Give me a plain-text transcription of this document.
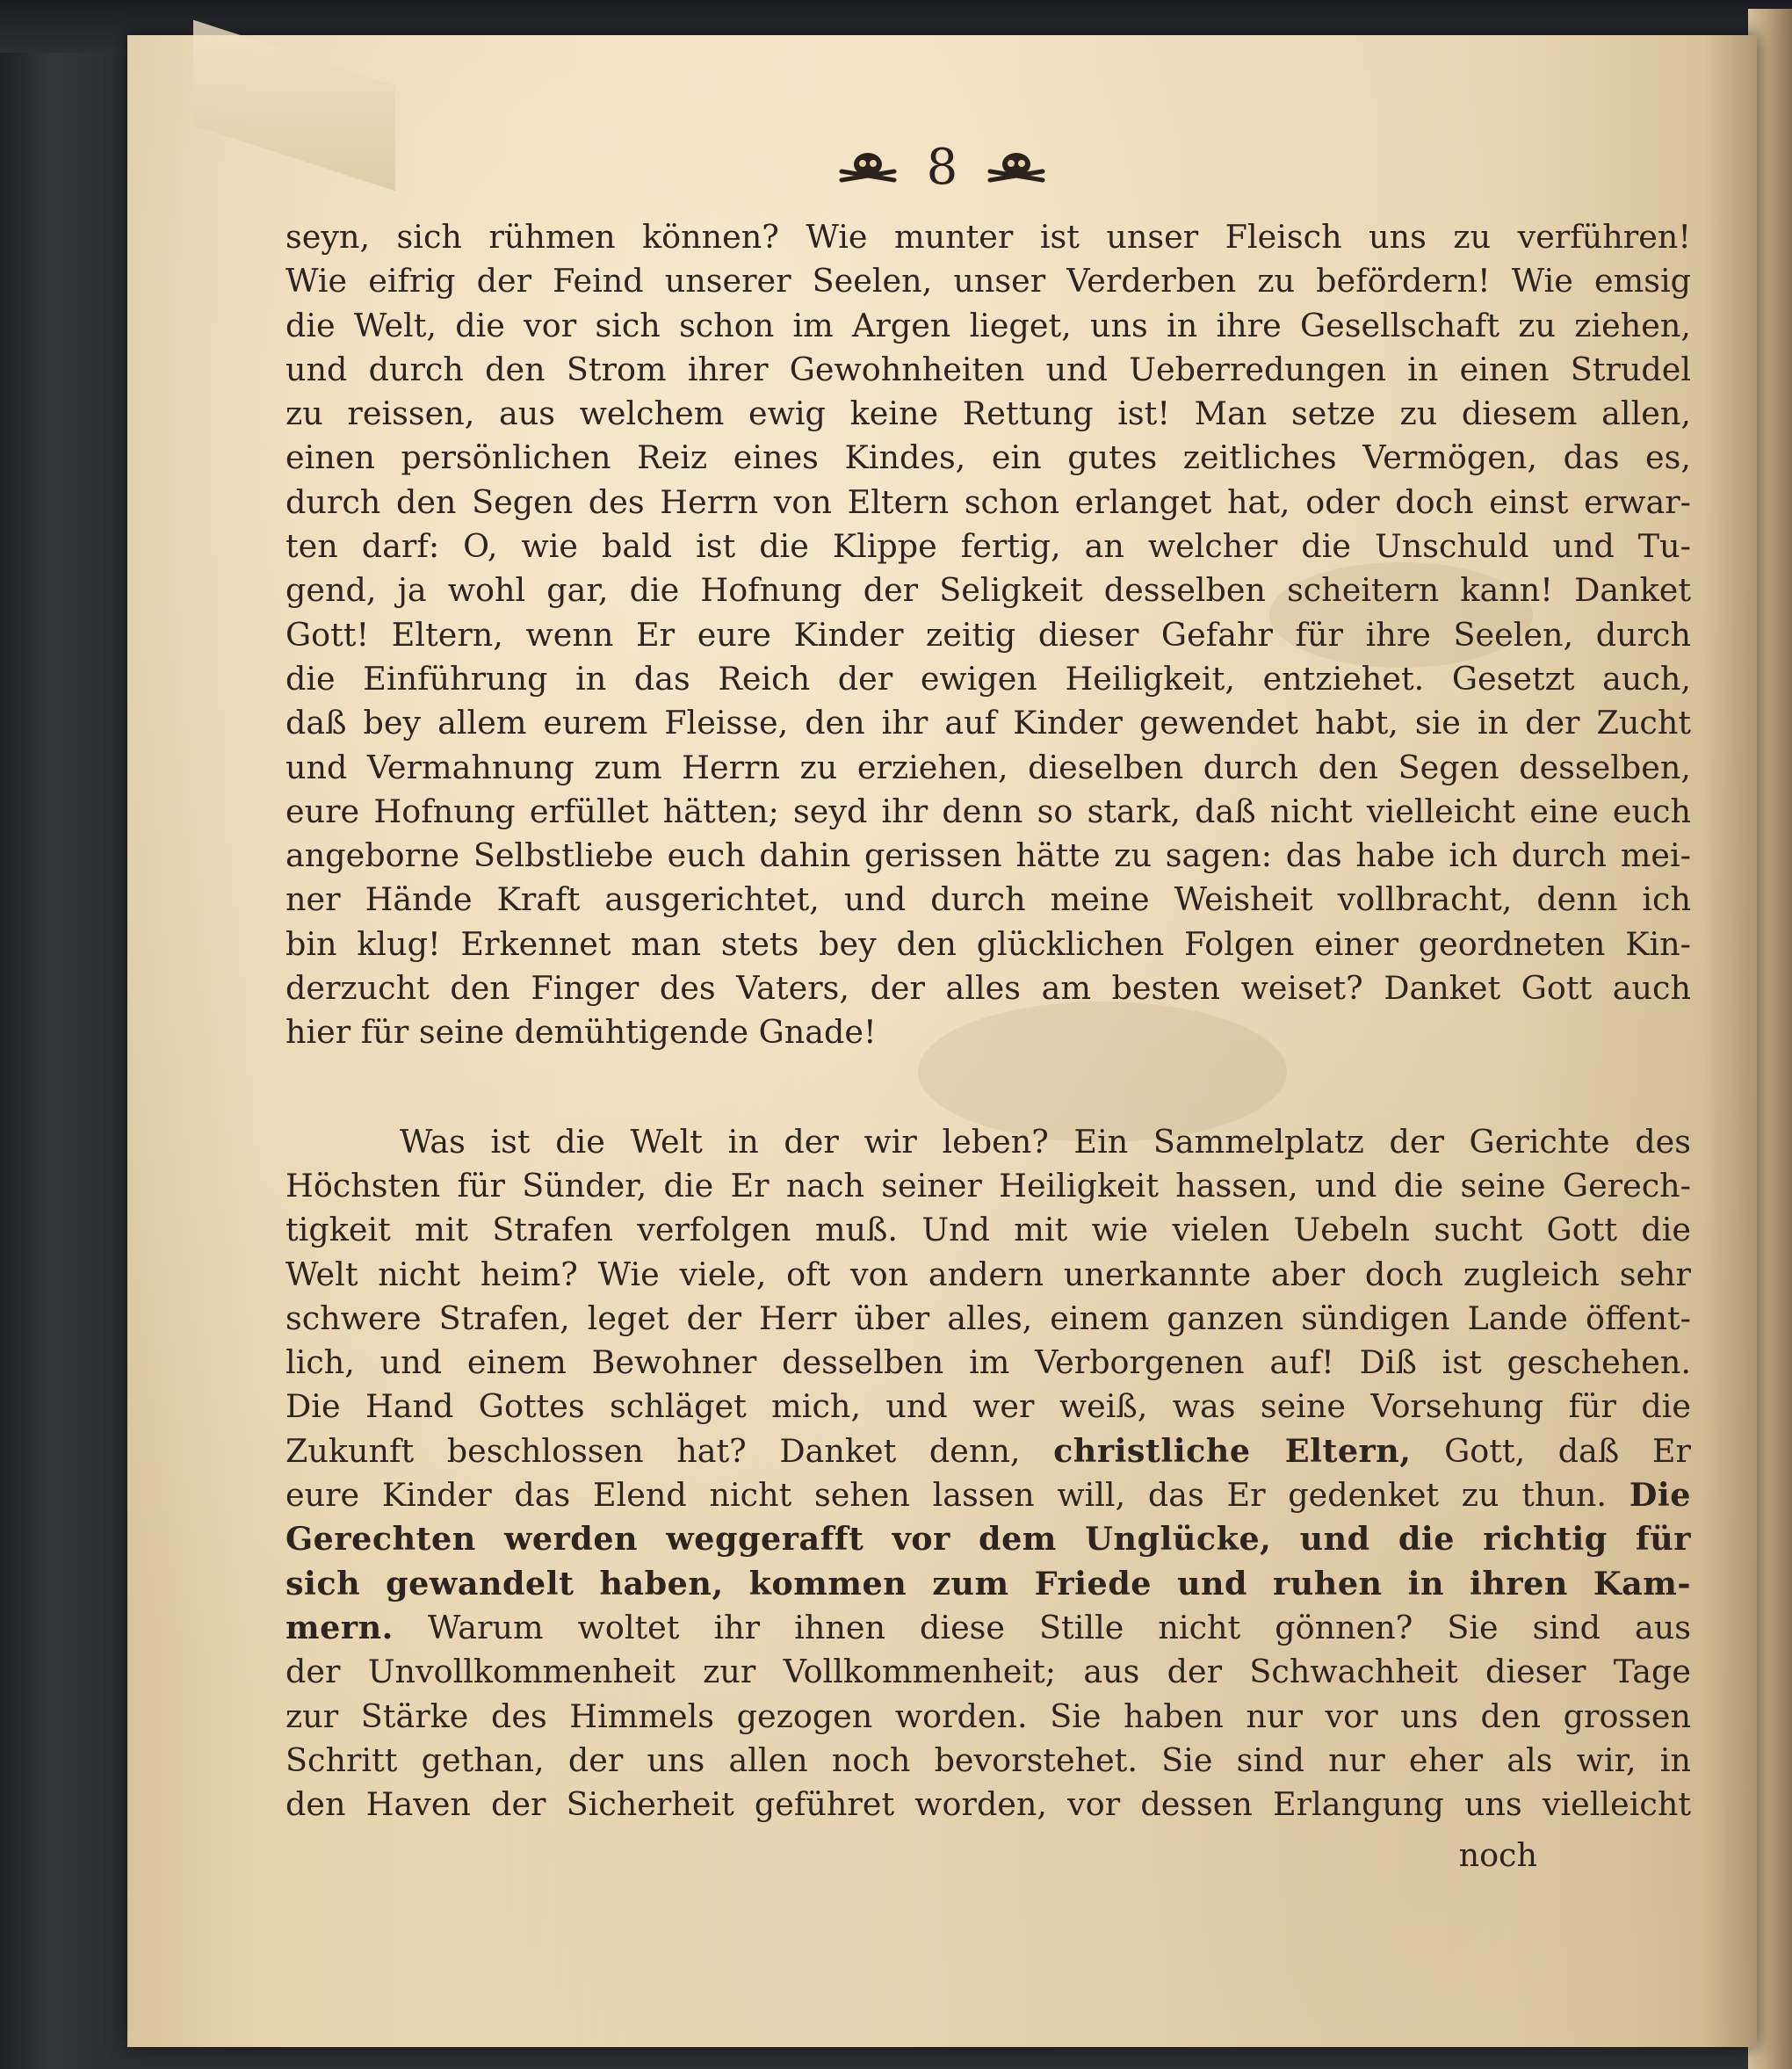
8
seyn, sich rühmen können? Wie munter ist unser Fleisch uns zu verführen!
Wie eifrig der Feind unserer Seelen, unser Verderben zu befördern! Wie emsig
die Welt, die vor sich schon im Argen lieget, uns in ihre Gesellschaft zu ziehen,
und durch den Strom ihrer Gewohnheiten und Ueberredungen in einen Strudel
zu reissen, aus welchem ewig keine Rettung ist! Man setze zu diesem allen,
einen persönlichen Reiz eines Kindes, ein gutes zeitliches Vermögen, das es,
durch den Segen des Herrn von Eltern schon erlanget hat, oder doch einst erwar-
ten darf: O, wie bald ist die Klippe fertig, an welcher die Unschuld und Tu-
gend, ja wohl gar, die Hofnung der Seligkeit desselben scheitern kann! Danket
Gott! Eltern, wenn Er eure Kinder zeitig dieser Gefahr für ihre Seelen, durch
die Einführung in das Reich der ewigen Heiligkeit, entziehet. Gesetzt auch,
daß bey allem eurem Fleisse, den ihr auf Kinder gewendet habt, sie in der Zucht
und Vermahnung zum Herrn zu erziehen, dieselben durch den Segen desselben,
eure Hofnung erfüllet hätten; seyd ihr denn so stark, daß nicht vielleicht eine euch
angeborne Selbstliebe euch dahin gerissen hätte zu sagen: das habe ich durch mei-
ner Hände Kraft ausgerichtet, und durch meine Weisheit vollbracht, denn ich
bin klug! Erkennet man stets bey den glücklichen Folgen einer geordneten Kin-
derzucht den Finger des Vaters, der alles am besten weiset? Danket Gott auch
hier für seine demühtigende Gnade!
Was ist die Welt in der wir leben? Ein Sammelplatz der Gerichte des
Höchsten für Sünder, die Er nach seiner Heiligkeit hassen, und die seine Gerech-
tigkeit mit Strafen verfolgen muß. Und mit wie vielen Uebeln sucht Gott die
Welt nicht heim? Wie viele, oft von andern unerkannte aber doch zugleich sehr
schwere Strafen, leget der Herr über alles, einem ganzen sündigen Lande öffent-
lich, und einem Bewohner desselben im Verborgenen auf! Diß ist geschehen.
Die Hand Gottes schläget mich, und wer weiß, was seine Vorsehung für die
Zukunft beschlossen hat? Danket denn, christliche Eltern, Gott, daß Er
eure Kinder das Elend nicht sehen lassen will, das Er gedenket zu thun. Die
Gerechten werden weggerafft vor dem Unglücke, und die richtig für
sich gewandelt haben, kommen zum Friede und ruhen in ihren Kam-
mern. Warum woltet ihr ihnen diese Stille nicht gönnen? Sie sind aus
der Unvollkommenheit zur Vollkommenheit; aus der Schwachheit dieser Tage
zur Stärke des Himmels gezogen worden. Sie haben nur vor uns den grossen
Schritt gethan, der uns allen noch bevorstehet. Sie sind nur eher als wir, in
den Haven der Sicherheit geführet worden, vor dessen Erlangung uns vielleicht
noch
